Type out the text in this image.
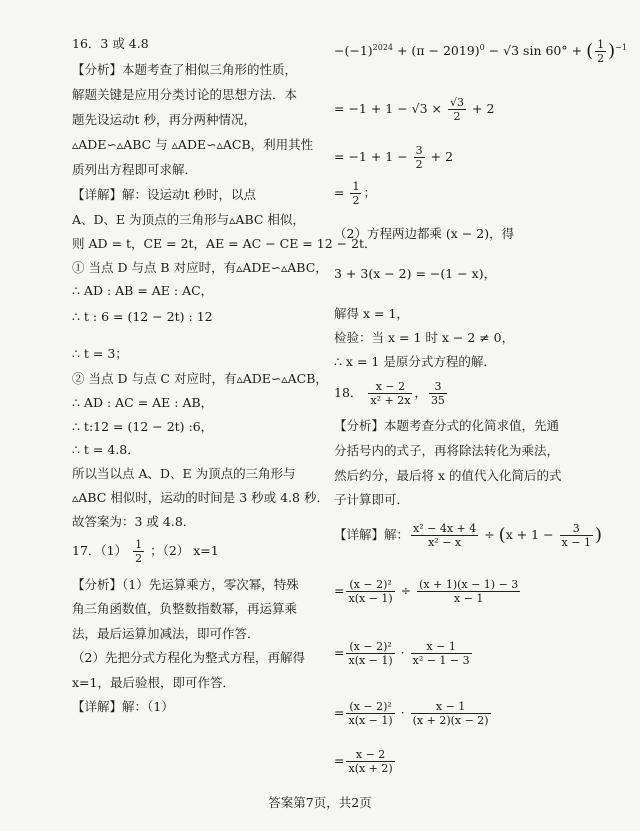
16．3 或 4.8
【分析】本题考查了相似三角形的性质，
解题关键是应用分类讨论的思想方法．本
题先设运动t 秒，再分两种情况，
▵ADE∽▵ABC 与 ▵ADE∽▵ACB，利用其性
质列出方程即可求解．
【详解】解：设运动t 秒时，以点
A、D、E 为顶点的三角形与▵ABC 相似，
则 AD = t，CE = 2t，AE = AC − CE = 12 − 2t．
① 当点 D 与点 B 对应时，有▵ADE∽▵ABC，
∴ AD : AB = AE : AC，
∴ t : 6 = (12 − 2t) : 12
∴ t = 3；
② 当点 D 与点 C 对应时，有▵ADE∽▵ACB，
∴ AD : AC = AE : AB，
∴ t:12 = (12 − 2t) :6，
∴ t = 4.8．
所以当以点 A、D、E 为顶点的三角形与
▵ABC 相似时，运动的时间是 3 秒或 4.8 秒．
故答案为：3 或 4.8．
17．$(1) \frac{1}{2}$ ；（2） x=1
【分析】（1）先运算乘方，零次幂，特殊
角三角函数值，负整数指数幂，再运算乘
法，最后运算加减法，即可作答．
（2）先把分式方程化为整式方程，再解得
x=1，最后验根，即可作答．
【详解】解：（1）
$-(-1)^{2024} + (\pi - 2019)^0 - √3$ sin 60° + ( $\frac{1}{2} )^{-1}$
= $-1 + 1 - √3 \times \frac{√3}{2} + 2$
= $-1 + 1 - \frac{3}{2} + 2$
= $\frac{1}{2}$ ；
（2）方程两边都乘 (x − 2)，得
3 + 3(x − 2) = −(1 − x)，
解得 x = 1，
检验：当 x = 1 时 x − 2 ≠ 0，
∴ x = 1 是原分式方程的解．
18． $\frac{x - 2}{\text{x² + 2x}}$ ， $\frac{3}{35}$
【分析】本题考查分式的化简求值，先通
分括号内的式子，再将除法转化为乘法，
然后约分，最后将 x 的值代入化简后的式
子计算即可．
【详解】解： $\frac{\text{x² − 4x + 4}}{\text{x² − x}} \div (x + 1 - \frac{3}{x - 1}$ )
= $\frac{\text{(x − 2)²}}{x(x - 1)} \div \frac{(x + 1)(x - 1) - 3}{x - 1}$
= $\frac{\text{(x − 2)²}}{x(x - 1)} \cdot \frac{x - 1}{\text{x² − 1 − 3}}$
= $\frac{\text{(x − 2)²}}{x(x - 1)} \cdot \frac{x - 1}{(x + 2)(x - 2)}$
= $\frac{x - 2}{x(x + 2)}$
答案第7页，共2页
